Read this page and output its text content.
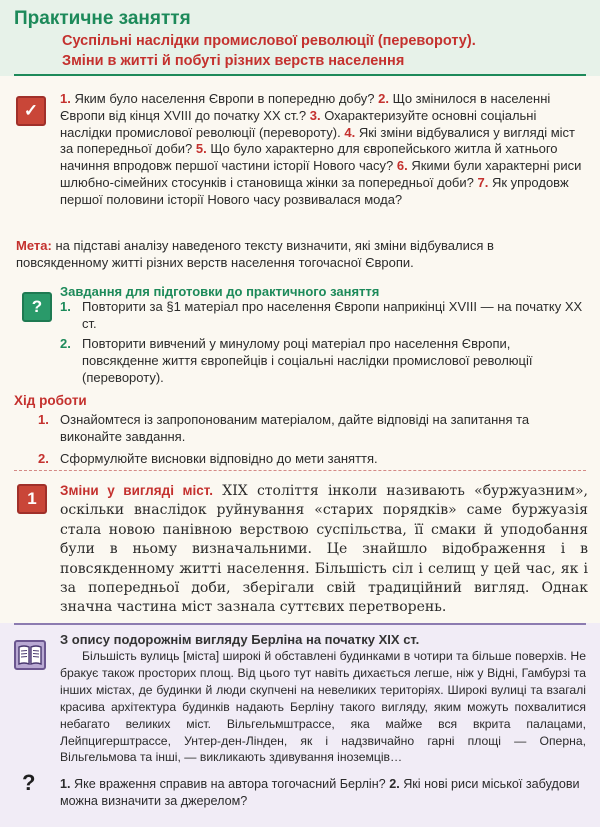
Практичне заняття
Суспільні наслідки промислової революції (перевороту).
Зміни в житті й побуті різних верств населення
✓
1. Яким було населення Європи в попередню добу? 2. Що змінилося в населенні Європи від кінця XVIII до початку XX ст.? 3. Охарактеризуйте основні соціальні наслідки промислової революції (перевороту). 4. Які зміни відбувалися у вигляді міст за попередньої доби? 5. Що було характерно для європейського житла й хатнього начиння впродовж першої частини історії Нового часу? 6. Якими були характерні риси шлюбно-сімейних стосунків і становища жінки за попередньої доби? 7. Як упродовж першої половини історії Нового часу розвивалася мода?
Мета: на підставі аналізу наведеного тексту визначити, які зміни відбувалися в повсякденному житті різних верств населення тогочасної Європи.
?
Завдання для підготовки до практичного заняття
1. Повторити за §1 матеріал про населення Європи наприкінці XVIII — на початку XX ст.
2. Повторити вивчений у минулому році матеріал про населення Європи, повсякденне життя європейців і соціальні наслідки промислової революції (перевороту).
Хід роботи
1. Ознайомтеся із запропонованим матеріалом, дайте відповіді на запитання та виконайте завдання.
2. Сформулюйте висновки відповідно до мети заняття.
1	Зміни у вигляді міст. XIX століття інколи називають «буржуазним», оскільки внаслідок руйнування «старих порядків» саме буржуазія стала новою панівною верствою суспільства, її смаки й уподобання були в ньому визначальними. Це знайшло відображення і в повсякденному житті населення. Більшість сіл і селищ у цей час, як і за попередньої доби, зберігали свій традиційний вигляд. Однак значна частина міст зазнала суттєвих перетворень.
З опису подорожнім вигляду Берліна на початку XIX ст.
Більшість вулиць [міста] широкі й обставлені будинками в чотири та більше поверхів. Не бракує також просторих площ. Від цього тут навіть дихається легше, ніж у Відні, Гамбурзі та інших містах, де будинки й люди скупчені на невеликих територіях. Широкі вулиці та взагалі красива архітектура будинків надають Берліну такого вигляду, яким можуть похвалитися небагато великих міст. Вільгельмштрассе, яка майже вся вкрита палацами, Лейпцигерштрассе, Унтер-ден-Лінден, як і надзвичайно гарні площі — Оперна, Вільгельмова та інші, — викликають здивування іноземців…
? 1. Яке враження справив на автора тогочасний Берлін? 2. Які нові риси міської забудови можна визначити за джерелом?
